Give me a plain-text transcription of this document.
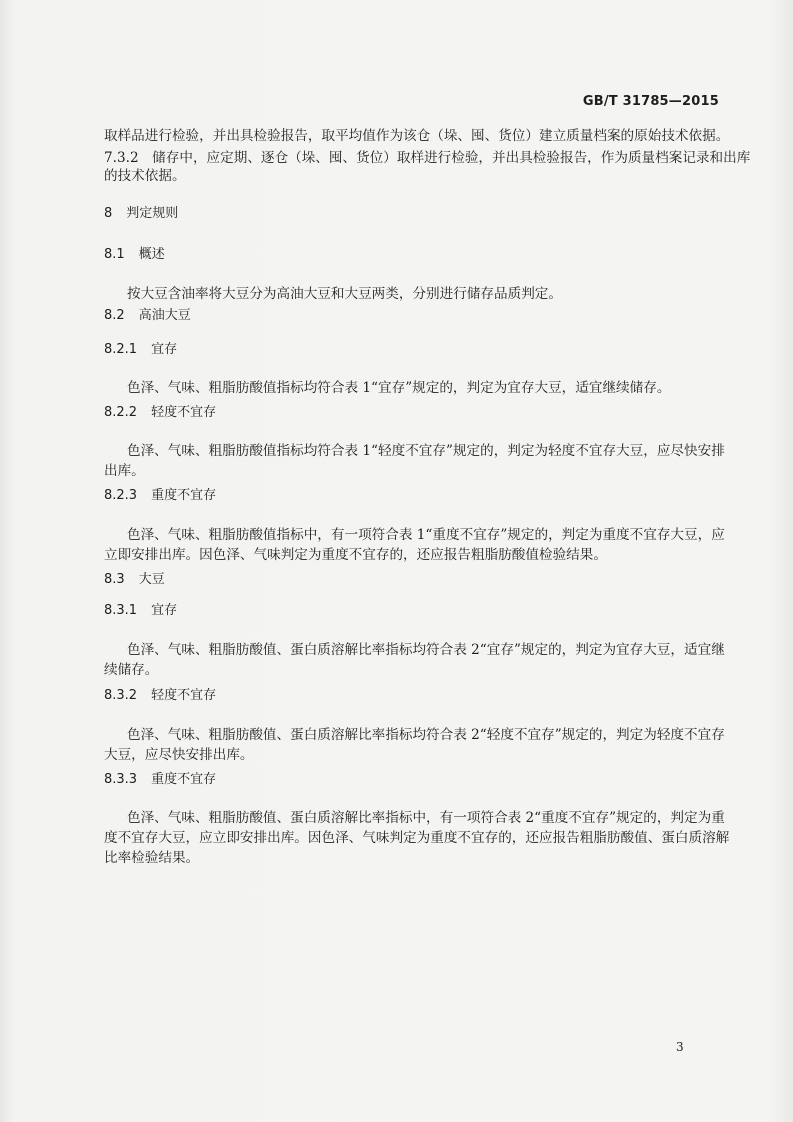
GB/T 31785—2015
取样品进行检验，并出具检验报告，取平均值作为该仓（垛、囤、货位）建立质量档案的原始技术依据。
7.3.2　储存中，应定期、逐仓（垛、囤、货位）取样进行检验，并出具检验报告，作为质量档案记录和出库
的技术依据。
8 判定规则
8.1 概述
按大豆含油率将大豆分为高油大豆和大豆两类，分别进行储存品质判定。
8.2 高油大豆
8.2.1 宜存
色泽、气味、粗脂肪酸值指标均符合表 1“宜存”规定的，判定为宜存大豆，适宜继续储存。
8.2.2 轻度不宜存
色泽、气味、粗脂肪酸值指标均符合表 1“轻度不宜存”规定的，判定为轻度不宜存大豆，应尽快安排
出库。
8.2.3 重度不宜存
色泽、气味、粗脂肪酸值指标中，有一项符合表 1“重度不宜存”规定的，判定为重度不宜存大豆，应
立即安排出库。因色泽、气味判定为重度不宜存的，还应报告粗脂肪酸值检验结果。
8.3 大豆
8.3.1 宜存
色泽、气味、粗脂肪酸值、蛋白质溶解比率指标均符合表 2“宜存”规定的，判定为宜存大豆，适宜继
续储存。
8.3.2 轻度不宜存
色泽、气味、粗脂肪酸值、蛋白质溶解比率指标均符合表 2“轻度不宜存”规定的，判定为轻度不宜存
大豆，应尽快安排出库。
8.3.3 重度不宜存
色泽、气味、粗脂肪酸值、蛋白质溶解比率指标中，有一项符合表 2“重度不宜存”规定的，判定为重
度不宜存大豆，应立即安排出库。因色泽、气味判定为重度不宜存的，还应报告粗脂肪酸值、蛋白质溶解
比率检验结果。
3
